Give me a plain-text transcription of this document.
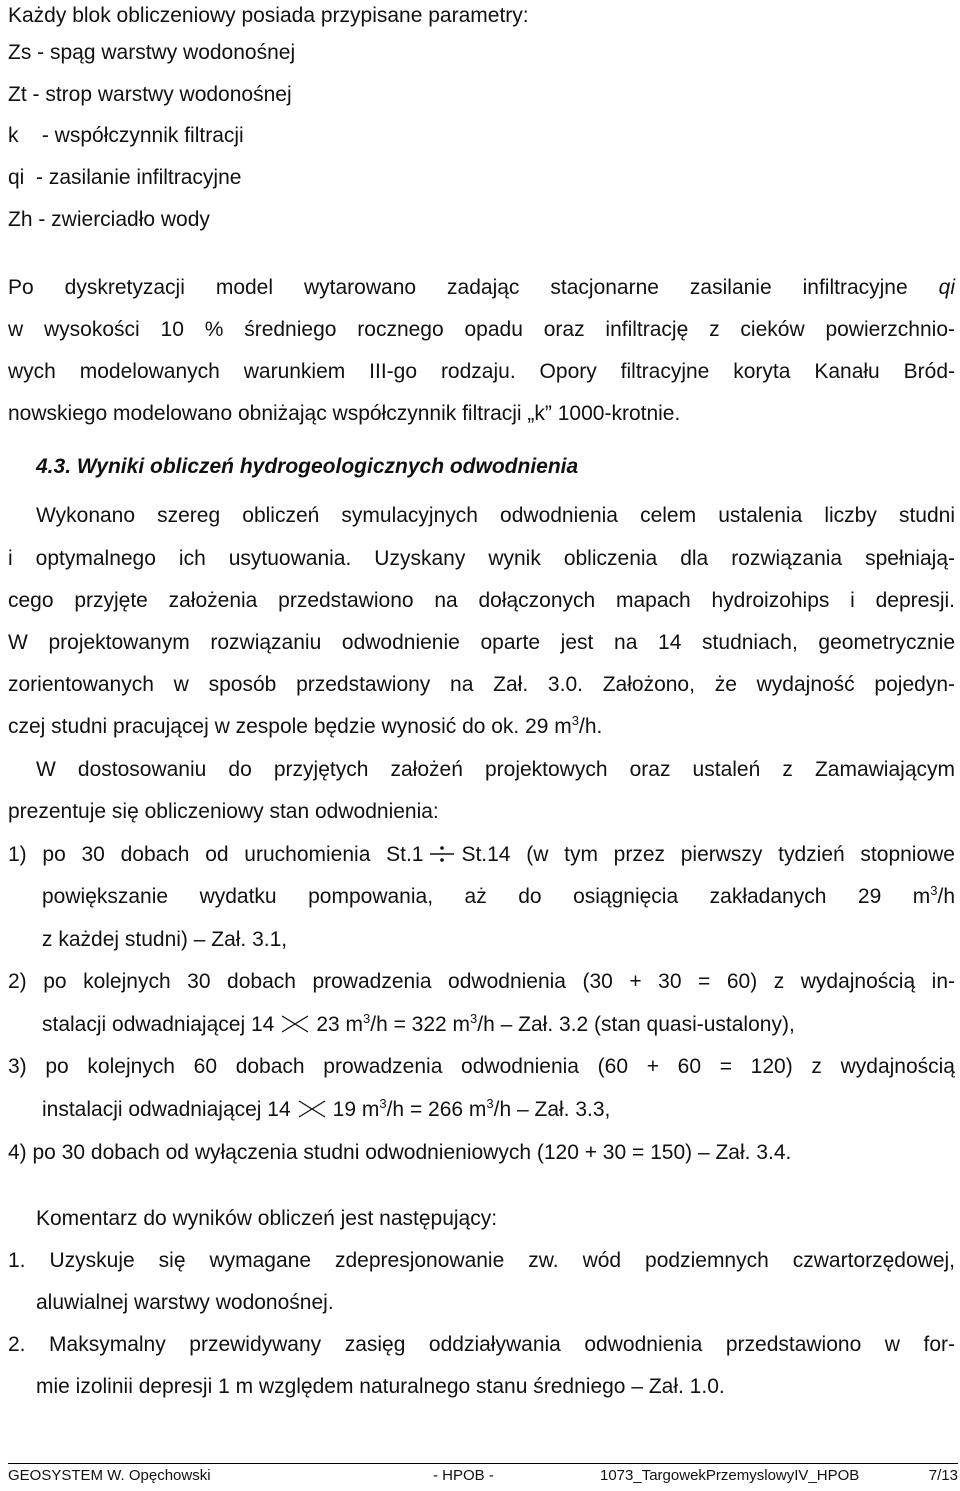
Każdy blok obliczeniowy posiada przypisane parametry:
Zs - spąg warstwy wodonośnej
Zt - strop warstwy wodonośnej
k    - współczynnik filtracji
qi  - zasilanie infiltracyjne
Zh - zwierciadło wody
Po dyskretyzacji model wytarowano zadając stacjonarne zasilanie infiltracyjne qi
w wysokości 10 % średniego rocznego opadu oraz infiltrację z cieków powierzchnio-
wych modelowanych warunkiem III-go rodzaju. Opory filtracyjne koryta Kanału Bród-
nowskiego modelowano obniżając współczynnik filtracji „k” 1000-krotnie.
4.3. Wyniki obliczeń hydrogeologicznych odwodnienia
Wykonano szereg obliczeń symulacyjnych odwodnienia celem ustalenia liczby studni
i optymalnego ich usytuowania. Uzyskany wynik obliczenia dla rozwiązania spełniają-
cego przyjęte założenia przedstawiono na dołączonych mapach hydroizohips i depresji.
W projektowanym rozwiązaniu odwodnienie oparte jest na 14 studniach, geometrycznie
zorientowanych w sposób przedstawiony na Zał. 3.0. Założono, że wydajność pojedyn-
czej studni pracującej w zespole będzie wynosić do ok. 29 $m^3/h$.
W dostosowaniu do przyjętych założeń projektowych oraz ustaleń z Zamawiającym
prezentuje się obliczeniowy stan odwodnienia:
1) po 30 dobach od uruchomienia St.1 St.14 (w tym przez pierwszy tydzień stopniowe
powiększanie wydatku pompowania, aż do osiągnięcia zakładanych 29 $m^3/h$
z każdej studni) – Zał. 3.1,
2) po kolejnych 30 dobach prowadzenia odwodnienia (30 + 30 = 60) z wydajnością in-
stalacji odwadniającej 14 23 $m^3/h = 322$ $m^3/h$ – Zał. 3.2 (stan quasi-ustalony),
3) po kolejnych 60 dobach prowadzenia odwodnienia (60 + 60 = 120) z wydajnością
instalacji odwadniającej 14 19 $m^3/h = 266$ $m^3/h$ – Zał. 3.3,
4) po 30 dobach od wyłączenia studni odwodnieniowych (120 + 30 = 150) – Zał. 3.4.
Komentarz do wyników obliczeń jest następujący:
1. Uzyskuje się wymagane zdepresjonowanie zw. wód podziemnych czwartorzędowej,
aluwialnej warstwy wodonośnej.
2. Maksymalny przewidywany zasięg oddziaływania odwodnienia przedstawiono w for-
mie izolinii depresji 1 m względem naturalnego stanu średniego – Zał. 1.0.
GEOSYSTEM W. Opęchowski	- HPOB -	1073_TargowekPrzemyslowyIV_HPOB	7/13
